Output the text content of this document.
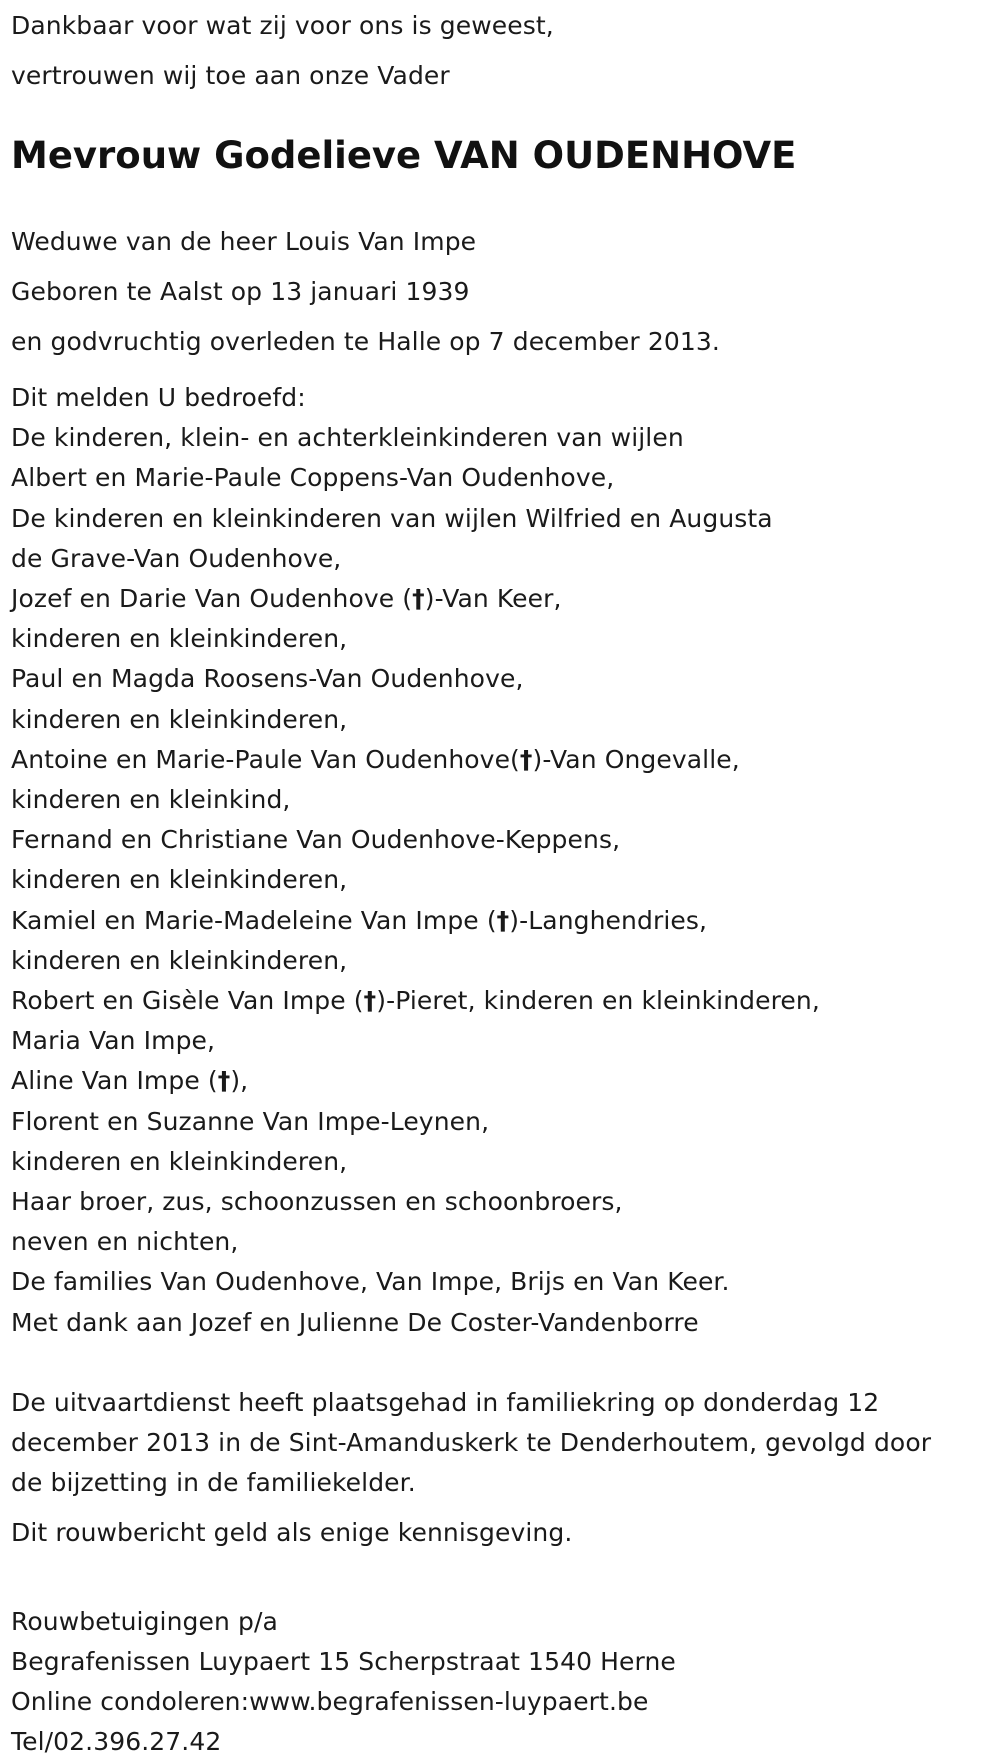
Dankbaar voor wat zij voor ons is geweest,
vertrouwen wij toe aan onze Vader
Mevrouw Godelieve VAN OUDENHOVE
Weduwe van de heer Louis Van Impe
Geboren te Aalst op 13 januari 1939
en godvruchtig overleden te Halle op 7 december 2013.
Dit melden U bedroefd:
De kinderen, klein- en achterkleinkinderen van wijlen
Albert en Marie-Paule Coppens-Van Oudenhove,
De kinderen en kleinkinderen van wijlen Wilfried en Augusta
de Grave-Van Oudenhove,
Jozef en Darie Van Oudenhove (†)-Van Keer,
kinderen en kleinkinderen,
Paul en Magda Roosens-Van Oudenhove,
kinderen en kleinkinderen,
Antoine en Marie-Paule Van Oudenhove(†)-Van Ongevalle,
kinderen en kleinkind,
Fernand en Christiane Van Oudenhove-Keppens,
kinderen en kleinkinderen,
Kamiel en Marie-Madeleine Van Impe (†)-Langhendries,
kinderen en kleinkinderen,
Robert en Gisèle Van Impe (†)-Pieret, kinderen en kleinkinderen,
Maria Van Impe,
Aline Van Impe (†),
Florent en Suzanne Van Impe-Leynen,
kinderen en kleinkinderen,
Haar broer, zus, schoonzussen en schoonbroers,
neven en nichten,
De families Van Oudenhove, Van Impe, Brijs en Van Keer.
Met dank aan Jozef en Julienne De Coster-Vandenborre
De uitvaartdienst heeft plaatsgehad in familiekring op donderdag 12
december 2013 in de Sint-Amanduskerk te Denderhoutem, gevolgd door
de bijzetting in de familiekelder.
Dit rouwbericht geld als enige kennisgeving.
Rouwbetuigingen p/a
Begrafenissen Luypaert 15 Scherpstraat 1540 Herne
Online condoleren:www.begrafenissen-luypaert.be
Tel/02.396.27.42
